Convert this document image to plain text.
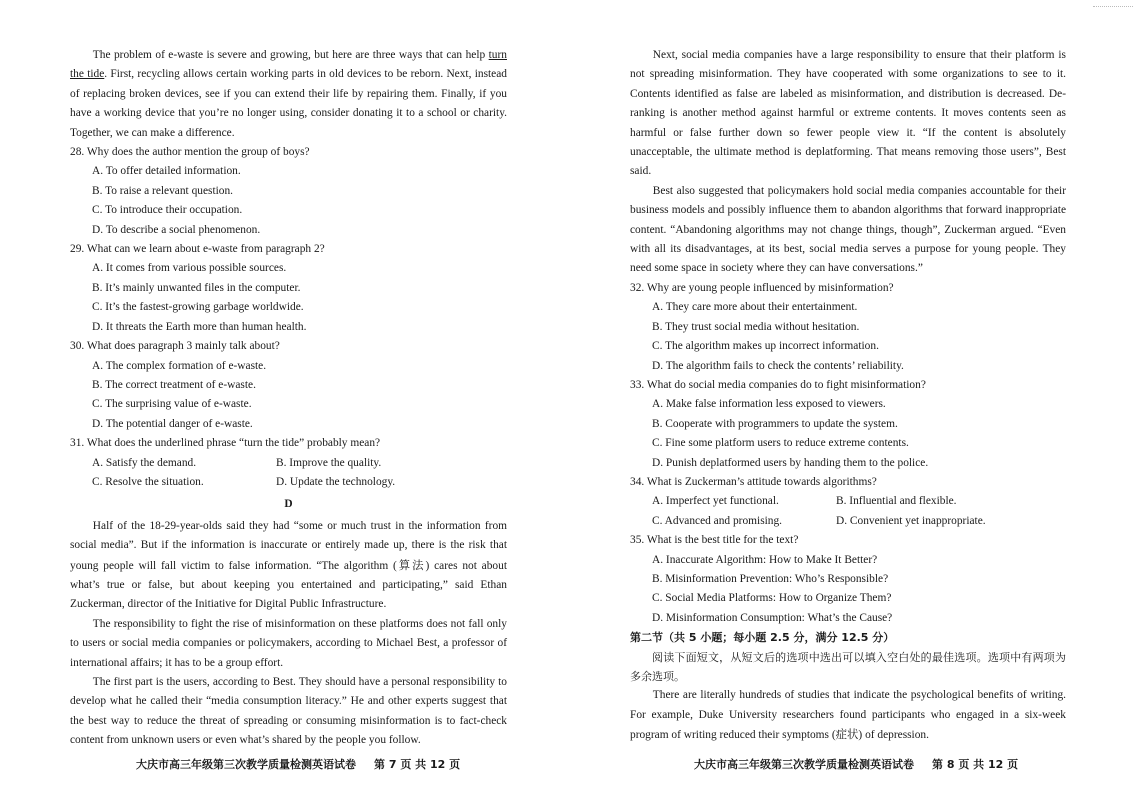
The problem of e-waste is severe and growing, but here are three ways that can help turn the tide. First, recycling allows certain working parts in old devices to be reborn. Next, instead of replacing broken devices, see if you can extend their life by repairing them. Finally, if you have a working device that you’re no longer using, consider donating it to a school or charity. Together, we can make a difference.

28. Why does the author mention the group of boys?

A. To offer detailed information.

B. To raise a relevant question.

C. To introduce their occupation.

D. To describe a social phenomenon.

29. What can we learn about e-waste from paragraph 2?

A. It comes from various possible sources.

B. It’s mainly unwanted files in the computer.

C. It’s the fastest-growing garbage worldwide.

D. It threats the Earth more than human health.

30. What does paragraph 3 mainly talk about?

A. The complex formation of e-waste.

B. The correct treatment of e-waste.

C. The surprising value of e-waste.

D. The potential danger of e-waste.

31. What does the underlined phrase “turn the tide” probably mean?

A. Satisfy the demand.	B. Improve the quality.
C. Resolve the situation.	D. Update the technology.

D

Half of the 18-29-year-olds said they had “some or much trust in the information from social media”. But if the information is inaccurate or entirely made up, there is the risk that young people will fall victim to false information. “The algorithm (算法) cares not about what’s true or false, but about keeping you entertained and participating,” said Ethan Zuckerman, director of the Initiative for Digital Public Infrastructure.

The responsibility to fight the rise of misinformation on these platforms does not fall only to users or social media companies or policymakers, according to Michael Best, a professor of international affairs; it has to be a group effort.

The first part is the users, according to Best. They should have a personal responsibility to develop what he called their “media consumption literacy.” He and other experts suggest that the best way to reduce the threat of spreading or consuming misinformation is to fact-check content from unknown users or even what’s shared by the people you follow.

大庆市高三年级第三次教学质量检测英语试卷 第 7 页 共 12 页

Next, social media companies have a large responsibility to ensure that their platform is not spreading misinformation. They have cooperated with some organizations to see to it. Contents identified as false are labeled as misinformation, and distribution is decreased. De-ranking is another method against harmful or extreme contents. It moves contents seen as harmful or false further down so fewer people view it. “If the content is absolutely unacceptable, the ultimate method is deplatforming. That means removing those users”, Best said.

Best also suggested that policymakers hold social media companies accountable for their business models and possibly influence them to abandon algorithms that forward inappropriate content. “Abandoning algorithms may not change things, though”, Zuckerman argued. “Even with all its disadvantages, at its best, social media serves a purpose for young people. They need some space in society where they can have conversations.”

32. Why are young people influenced by misinformation?

A. They care more about their entertainment.

B. They trust social media without hesitation.

C. The algorithm makes up incorrect information.

D. The algorithm fails to check the contents’ reliability.

33. What do social media companies do to fight misinformation?

A. Make false information less exposed to viewers.

B. Cooperate with programmers to update the system.

C. Fine some platform users to reduce extreme contents.

D. Punish deplatformed users by handing them to the police.

34. What is Zuckerman’s attitude towards algorithms?

A. Imperfect yet functional.	B. Influential and flexible.
C. Advanced and promising.	D. Convenient yet inappropriate.

35. What is the best title for the text?

A. Inaccurate Algorithm: How to Make It Better?

B. Misinformation Prevention: Who’s Responsible?

C. Social Media Platforms: How to Organize Them?

D. Misinformation Consumption: What’s the Cause?

第二节（共 5 小题；每小题 2.5 分，满分 12.5 分）

阅读下面短文，从短文后的选项中选出可以填入空白处的最佳选项。选项中有两项为多余选项。

There are literally hundreds of studies that indicate the psychological benefits of writing. For example, Duke University researchers found participants who engaged in a six-week program of writing reduced their symptoms (症状) of depression.

大庆市高三年级第三次教学质量检测英语试卷 第 8 页 共 12 页
